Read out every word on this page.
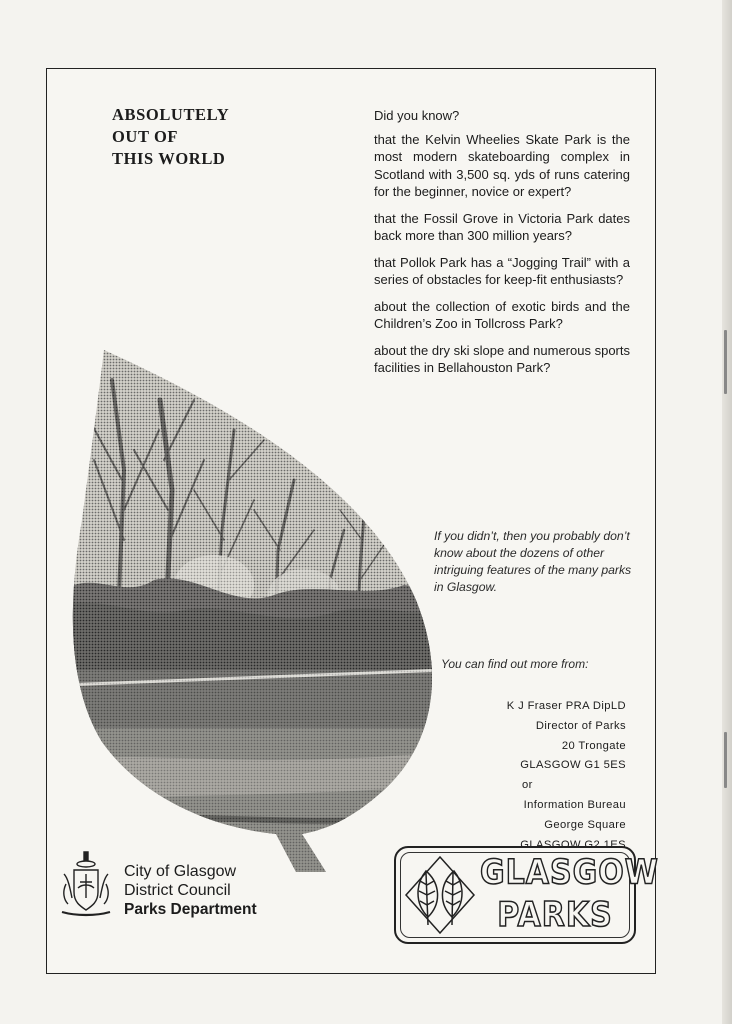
ABSOLUTELY
OUT OF
THIS WORLD

Did you know?

that the Kelvin Wheelies Skate Park is the most modern skateboarding complex in Scotland with 3,500 sq. yds of runs catering for the beginner, novice or expert?

that the Fossil Grove in Victoria Park dates back more than 300 million years?

that Pollok Park has a “Jogging Trail” with a series of obstacles for keep-fit enthusiasts?

about the collection of exotic birds and the Children’s Zoo in Tollcross Park?

about the dry ski slope and numerous sports facilities in Bellahouston Park?

If you didn’t, then you probably don’t know about the dozens of other intriguing features of the many parks in Glasgow.
You can find out more from:
K J Fraser PRA DipLD
Director of Parks
20 Trongate
GLASGOW G1 5ES
or
Information Bureau
George Square
GLASGOW G2 1ES
City of Glasgow
District Council
Parks Department
GLASGOW
PARKS
